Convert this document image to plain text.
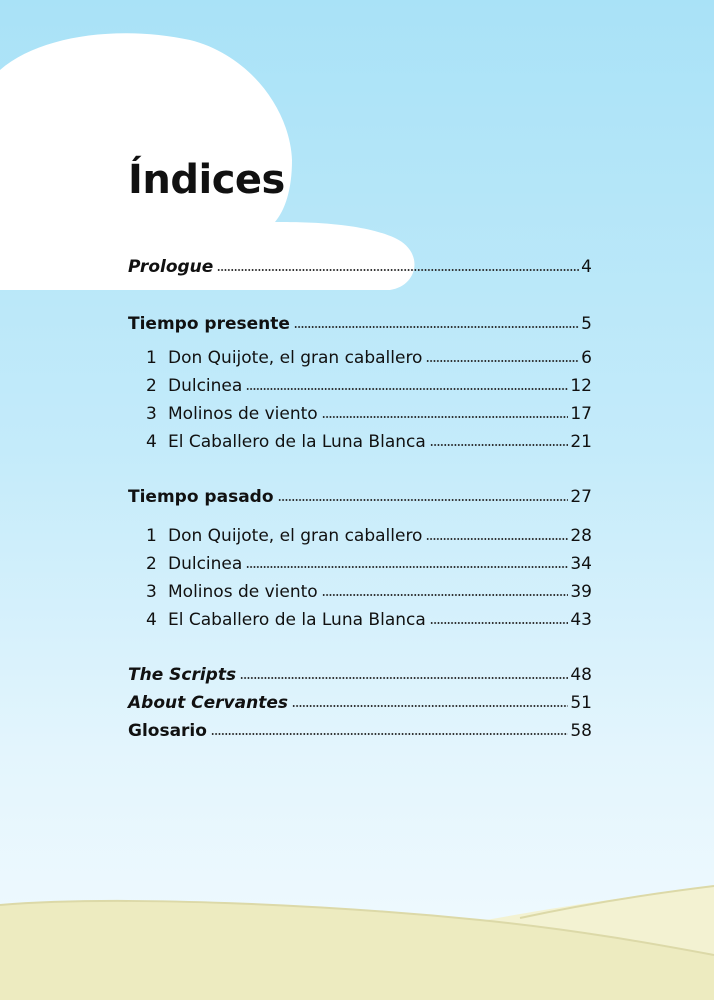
Índices
Prologue	4
Tiempo presente	5
1 Don Quijote, el gran caballero	6
2 Dulcinea	12
3 Molinos de viento	17
4 El Caballero de la Luna Blanca	21
Tiempo pasado	27
1 Don Quijote, el gran caballero	28
2 Dulcinea	34
3 Molinos de viento	39
4 El Caballero de la Luna Blanca	43
The Scripts	48
About Cervantes	51
Glosario	58
